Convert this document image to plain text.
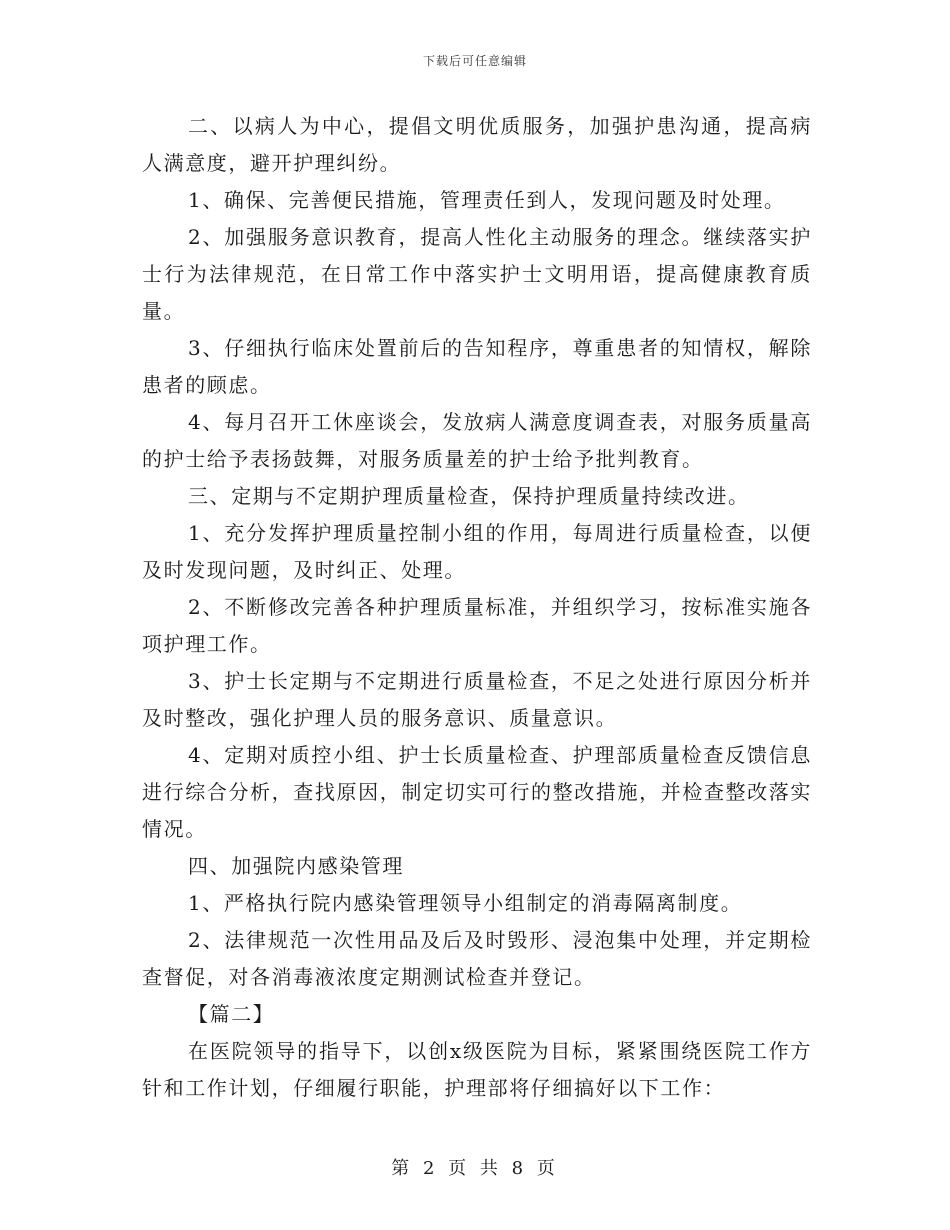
下载后可任意编辑

二、以病人为中心，提倡文明优质服务，加强护患沟通，提高病人满意度，避开护理纠纷。

1、确保、完善便民措施，管理责任到人，发现问题及时处理。

2、加强服务意识教育，提高人性化主动服务的理念。继续落实护士行为法律规范，在日常工作中落实护士文明用语，提高健康教育质量。

3、仔细执行临床处置前后的告知程序，尊重患者的知情权，解除患者的顾虑。

4、每月召开工休座谈会，发放病人满意度调查表，对服务质量高的护士给予表扬鼓舞，对服务质量差的护士给予批判教育。

三、定期与不定期护理质量检查，保持护理质量持续改进。

1、充分发挥护理质量控制小组的作用，每周进行质量检查，以便及时发现问题，及时纠正、处理。

2、不断修改完善各种护理质量标准，并组织学习，按标准实施各项护理工作。

3、护士长定期与不定期进行质量检查，不足之处进行原因分析并及时整改，强化护理人员的服务意识、质量意识。

4、定期对质控小组、护士长质量检查、护理部质量检查反馈信息进行综合分析，查找原因，制定切实可行的整改措施，并检查整改落实情况。

四、加强院内感染管理

1、严格执行院内感染管理领导小组制定的消毒隔离制度。

2、法律规范一次性用品及后及时毁形、浸泡集中处理，并定期检查督促，对各消毒液浓度定期测试检查并登记。

【篇二】

在医院领导的指导下，以创x级医院为目标，紧紧围绕医院工作方针和工作计划，仔细履行职能，护理部将仔细搞好以下工作：

第 2 页 共 8 页
